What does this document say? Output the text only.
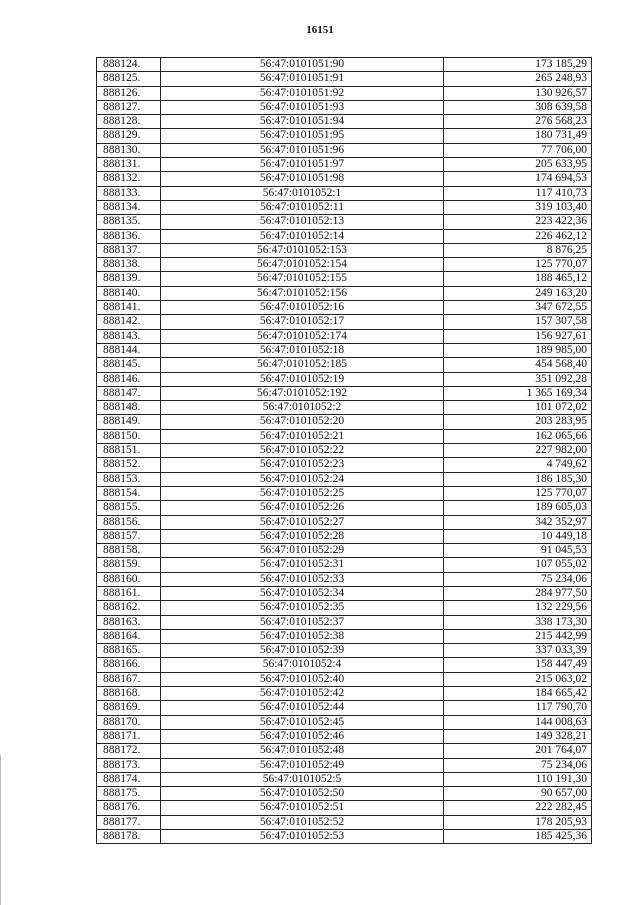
16151
888124.	56:47:0101051:90	173 185,29
888125.	56:47:0101051:91	265 248,93
888126.	56:47:0101051:92	130 926,57
888127.	56:47:0101051:93	308 639,58
888128.	56:47:0101051:94	276 568,23
888129.	56:47:0101051:95	180 731,49
888130.	56:47:0101051:96	77 706,00
888131.	56:47:0101051:97	205 633,95
888132.	56:47:0101051:98	174 694,53
888133.	56:47:0101052:1	117 410,73
888134.	56:47:0101052:11	319 103,40
888135.	56:47:0101052:13	223 422,36
888136.	56:47:0101052:14	226 462,12
888137.	56:47:0101052:153	8 876,25
888138.	56:47:0101052:154	125 770,07
888139.	56:47:0101052:155	188 465,12
888140.	56:47:0101052:156	249 163,20
888141.	56:47:0101052:16	347 672,55
888142.	56:47:0101052:17	157 307,58
888143.	56:47:0101052:174	156 927,61
888144.	56:47:0101052:18	189 985,00
888145.	56:47:0101052:185	454 568,40
888146.	56:47:0101052:19	351 092,28
888147.	56:47:0101052:192	1 365 169,34
888148.	56:47:0101052:2	101 072,02
888149.	56:47:0101052:20	203 283,95
888150.	56:47:0101052:21	162 065,66
888151.	56:47:0101052:22	227 982,00
888152.	56:47:0101052:23	4 749,62
888153.	56:47:0101052:24	186 185,30
888154.	56:47:0101052:25	125 770,07
888155.	56:47:0101052:26	189 605,03
888156.	56:47:0101052:27	342 352,97
888157.	56:47:0101052:28	10 449,18
888158.	56:47:0101052:29	91 045,53
888159.	56:47:0101052:31	107 055,02
888160.	56:47:0101052:33	75 234,06
888161.	56:47:0101052:34	284 977,50
888162.	56:47:0101052:35	132 229,56
888163.	56:47:0101052:37	338 173,30
888164.	56:47:0101052:38	215 442,99
888165.	56:47:0101052:39	337 033,39
888166.	56:47:0101052:4	158 447,49
888167.	56:47:0101052:40	215 063,02
888168.	56:47:0101052:42	184 665,42
888169.	56:47:0101052:44	117 790,70
888170.	56:47:0101052:45	144 008,63
888171.	56:47:0101052:46	149 328,21
888172.	56:47:0101052:48	201 764,07
888173.	56:47:0101052:49	75 234,06
888174.	56:47:0101052:5	110 191,30
888175.	56:47:0101052:50	90 657,00
888176.	56:47:0101052:51	222 282,45
888177.	56:47:0101052:52	178 205,93
888178.	56:47:0101052:53	185 425,36
